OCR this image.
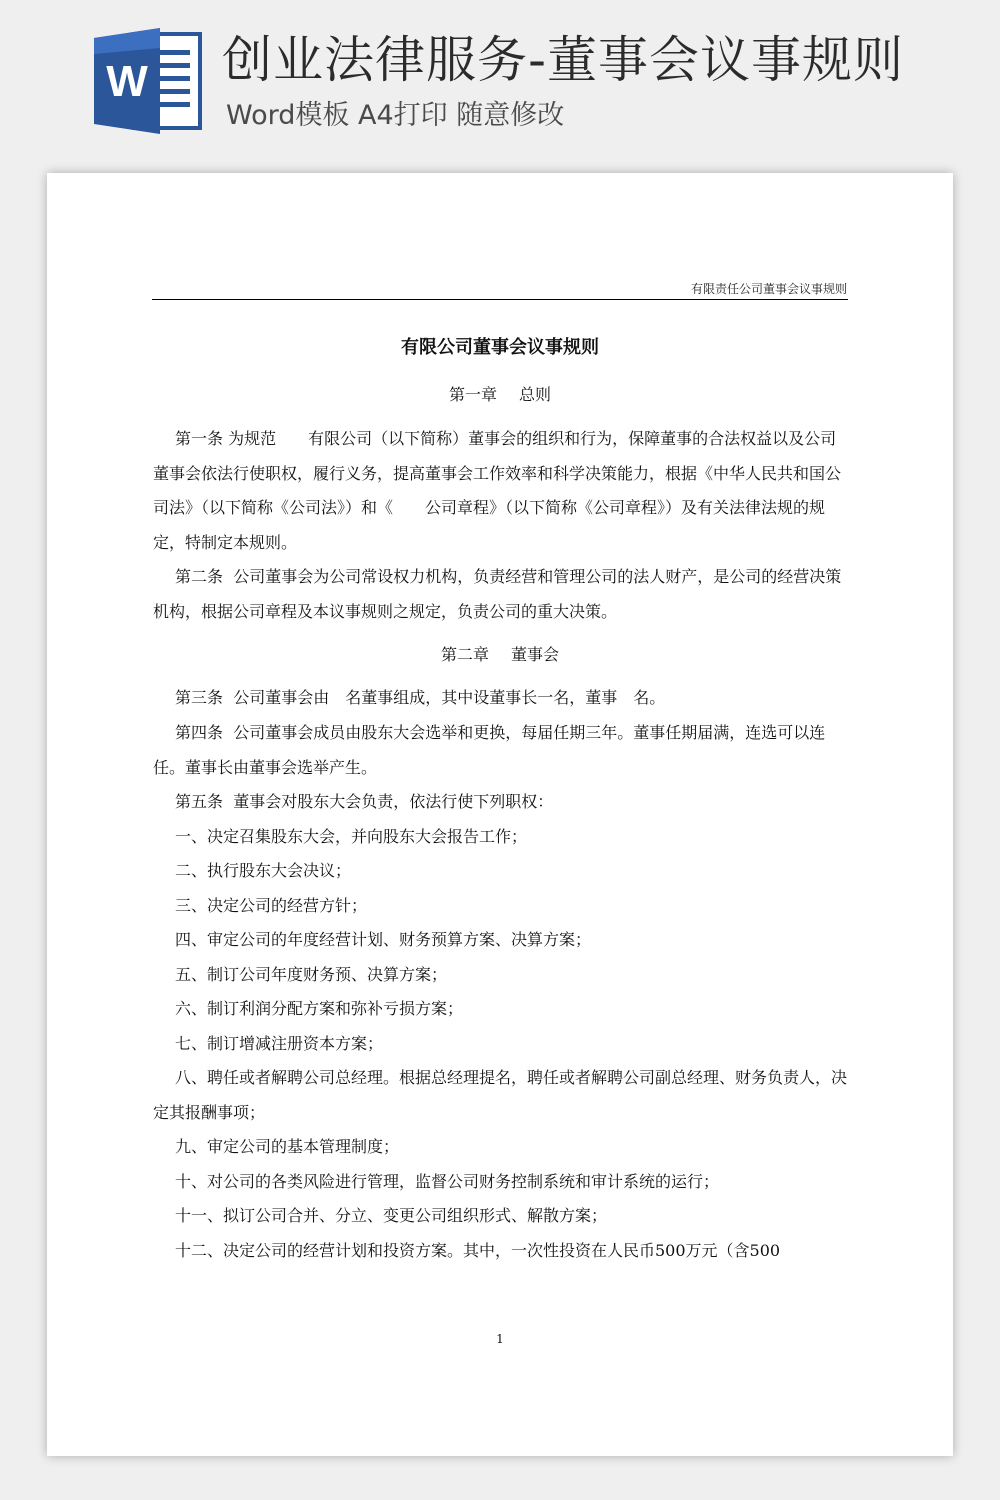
W 创业法律服务-董事会议事规则
Word模板 A4打印 随意修改
有限责任公司董事会议事规则
有限公司董事会议事规则
第一章 总则

第一条 为规范　　有限公司（以下简称）董事会的组织和行为，保障董事的合法权益以及公司董事会依法行使职权，履行义务，提高董事会工作效率和科学决策能力，根据《中华人民共和国公司法》（以下简称《公司法》）和《　　公司章程》（以下简称《公司章程》）及有关法律法规的规定，特制定本规则。

第二条 公司董事会为公司常设权力机构，负责经营和管理公司的法人财产，是公司的经营决策机构，根据公司章程及本议事规则之规定，负责公司的重大决策。

第二章 董事会

第三条 公司董事会由　名董事组成，其中设董事长一名，董事　名。

第四条 公司董事会成员由股东大会选举和更换，每届任期三年。董事任期届满，连选可以连任。董事长由董事会选举产生。

第五条 董事会对股东大会负责，依法行使下列职权：

一、决定召集股东大会，并向股东大会报告工作；

二、执行股东大会决议；

三、决定公司的经营方针；

四、审定公司的年度经营计划、财务预算方案、决算方案；

五、制订公司年度财务预、决算方案；

六、制订利润分配方案和弥补亏损方案；

七、制订增减注册资本方案；

八、聘任或者解聘公司总经理。根据总经理提名，聘任或者解聘公司副总经理、财务负责人，决定其报酬事项；

九、审定公司的基本管理制度；

十、对公司的各类风险进行管理，监督公司财务控制系统和审计系统的运行；

十一、拟订公司合并、分立、变更公司组织形式、解散方案；

十二、决定公司的经营计划和投资方案。其中，一次性投资在人民币500万元（含500

1
